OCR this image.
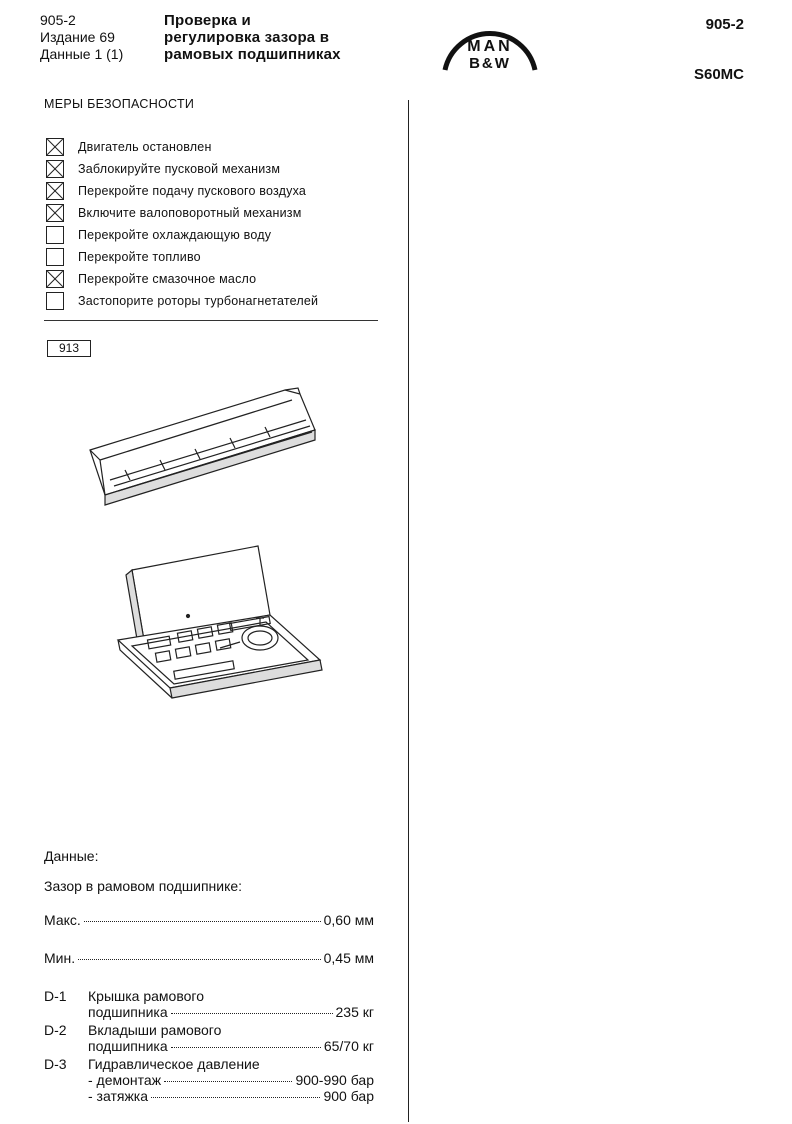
905-2
Издание 69
Данные 1 (1)
Проверка и
регулировка зазора в
рамовых подшипниках	MAN
B&W
905-2
S60MC
МЕРЫ БЕЗОПАСНОСТИ
Двигатель остановлен
Заблокируйте пусковой механизм
Перекройте подачу пускового воздуха
Включите валоповоротный механизм
Перекройте охлаждающую воду
Перекройте топливо
Перекройте смазочное масло
Застопорите роторы турбонагнетателей
913
Данные:
Зазор в рамовом подшипнике:
Макс.	0,60 мм
Мин.	0,45 мм
D-1	Крышка рамового
подшипника	235 кг
D-2	Вкладыши рамового
подшипника	65/70 кг
D-3	Гидравлическое давление
- демонтаж	900-990 бар
- затяжка	900 бар
